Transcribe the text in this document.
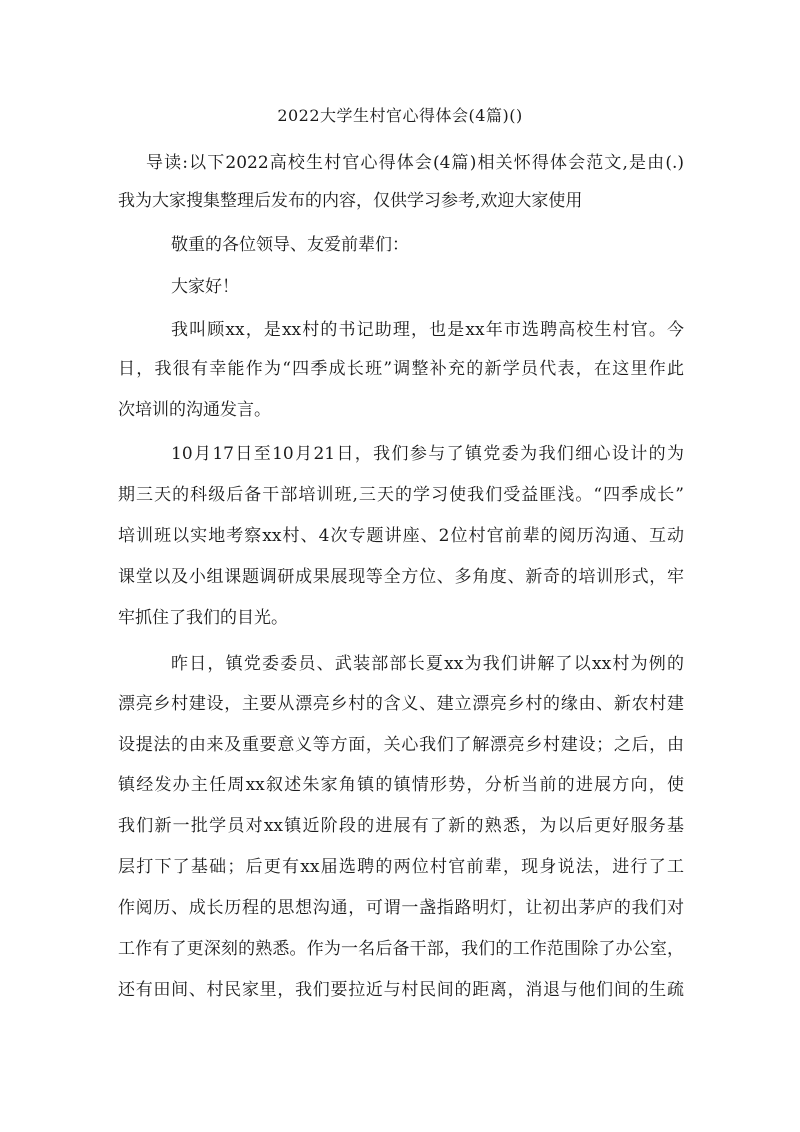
2022大学生村官心得体会(4篇)()
导读:以下2022高校生村官心得体会(4篇)相关怀得体会范文,是由(.)
我为大家搜集整理后发布的内容，仅供学习参考,欢迎大家使用
敬重的各位领导、友爱前辈们：
大家好！
我叫顾xx，是xx村的书记助理，也是xx年市选聘高校生村官。今
日，我很有幸能作为“四季成长班”调整补充的新学员代表，在这里作此
次培训的沟通发言。
10月17日至10月21日，我们参与了镇党委为我们细心设计的为
期三天的科级后备干部培训班,三天的学习使我们受益匪浅。“四季成长”
培训班以实地考察xx村、4次专题讲座、2位村官前辈的阅历沟通、互动
课堂以及小组课题调研成果展现等全方位、多角度、新奇的培训形式，牢
牢抓住了我们的目光。
昨日，镇党委委员、武装部部长夏xx为我们讲解了以xx村为例的
漂亮乡村建设，主要从漂亮乡村的含义、建立漂亮乡村的缘由、新农村建
设提法的由来及重要意义等方面，关心我们了解漂亮乡村建设；之后，由
镇经发办主任周xx叙述朱家角镇的镇情形势，分析当前的进展方向，使
我们新一批学员对xx镇近阶段的进展有了新的熟悉，为以后更好服务基
层打下了基础；后更有xx届选聘的两位村官前辈，现身说法，进行了工
作阅历、成长历程的思想沟通，可谓一盏指路明灯，让初出茅庐的我们对
工作有了更深刻的熟悉。作为一名后备干部，我们的工作范围除了办公室，
还有田间、村民家里，我们要拉近与村民间的距离，消退与他们间的生疏
